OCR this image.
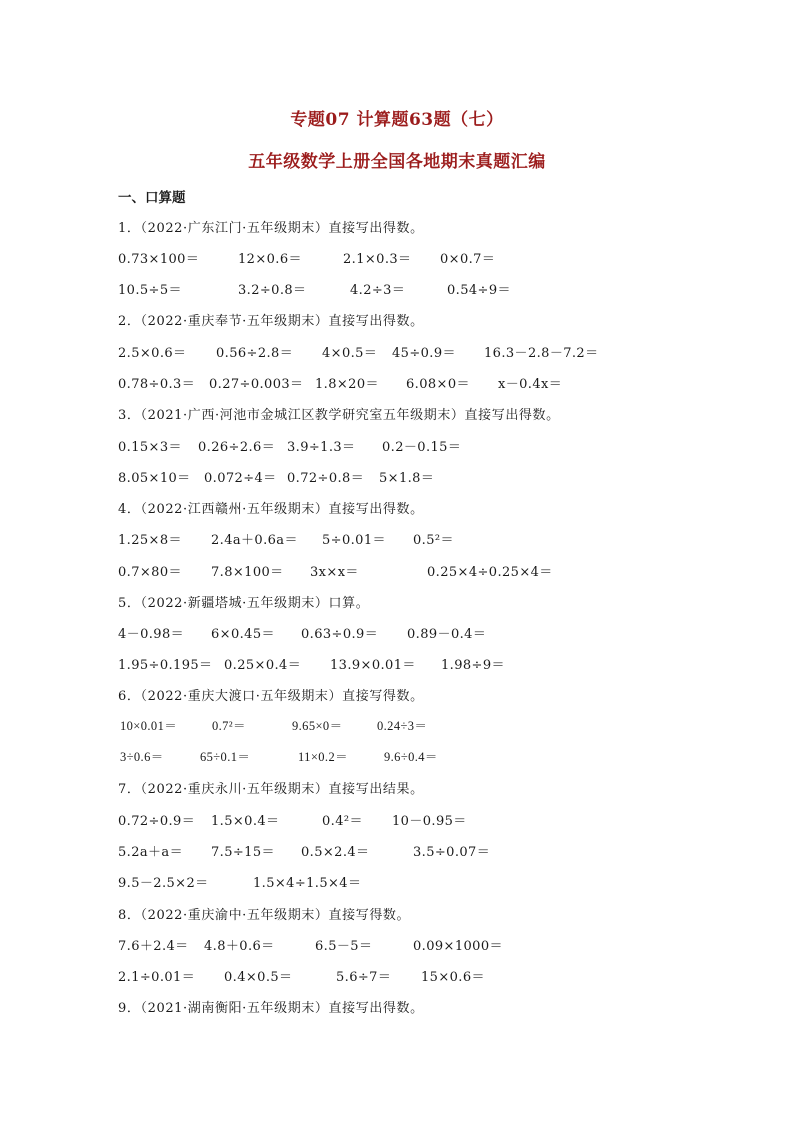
专题07 计算题63题（七）
五年级数学上册全国各地期末真题汇编
一、口算题
1．（2022·广东江门·五年级期末）直接写出得数。
0.73×100＝	12×0.6＝	2.1×0.3＝ 0×0.7＝
10.5÷5＝	3.2÷0.8＝	4.2÷3＝	0.54÷9＝
2．（2022·重庆奉节·五年级期末）直接写出得数。
2.5×0.6＝ 0.56÷2.8＝ 4×0.5＝ 45÷0.9＝ 16.3－2.8－7.2＝
0.78÷0.3＝ 0.27÷0.003＝ 1.8×20＝ 6.08×0＝ x－0.4x＝
3．（2021·广西·河池市金城江区教学研究室五年级期末）直接写出得数。
0.15×3＝ 0.26÷2.6＝ 3.9÷1.3＝ 0.2－0.15＝
8.05×10＝ 0.072÷4＝ 0.72÷0.8＝ 5×1.8＝
4．（2022·江西赣州·五年级期末）直接写出得数。
1.25×8＝ 2.4a＋0.6a＝ 5÷0.01＝ 0.5²＝
0.7×80＝ 7.8×100＝ 3x×x＝	0.25×4÷0.25×4＝
5．（2022·新疆塔城·五年级期末）口算。
4－0.98＝ 6×0.45＝ 0.63÷0.9＝ 0.89－0.4＝
1.95÷0.195＝ 0.25×0.4＝ 13.9×0.01＝ 1.98÷9＝
6．（2022·重庆大渡口·五年级期末）直接写得数。
10×0.01＝	0.7²＝	9.65×0＝	0.24÷3＝
3÷0.6＝	65÷0.1＝	11×0.2＝	9.6÷0.4＝
7．（2022·重庆永川·五年级期末）直接写出结果。
0.72÷0.9＝ 1.5×0.4＝	0.4²＝ 10－0.95＝
5.2a＋a＝ 7.5÷15＝ 0.5×2.4＝	3.5÷0.07＝
9.5－2.5×2＝	1.5×4÷1.5×4＝
8．（2022·重庆渝中·五年级期末）直接写得数。
7.6＋2.4＝ 4.8＋0.6＝	6.5－5＝	0.09×1000＝
2.1÷0.01＝ 0.4×0.5＝	5.6÷7＝ 15×0.6＝
9．（2021·湖南衡阳·五年级期末）直接写出得数。
